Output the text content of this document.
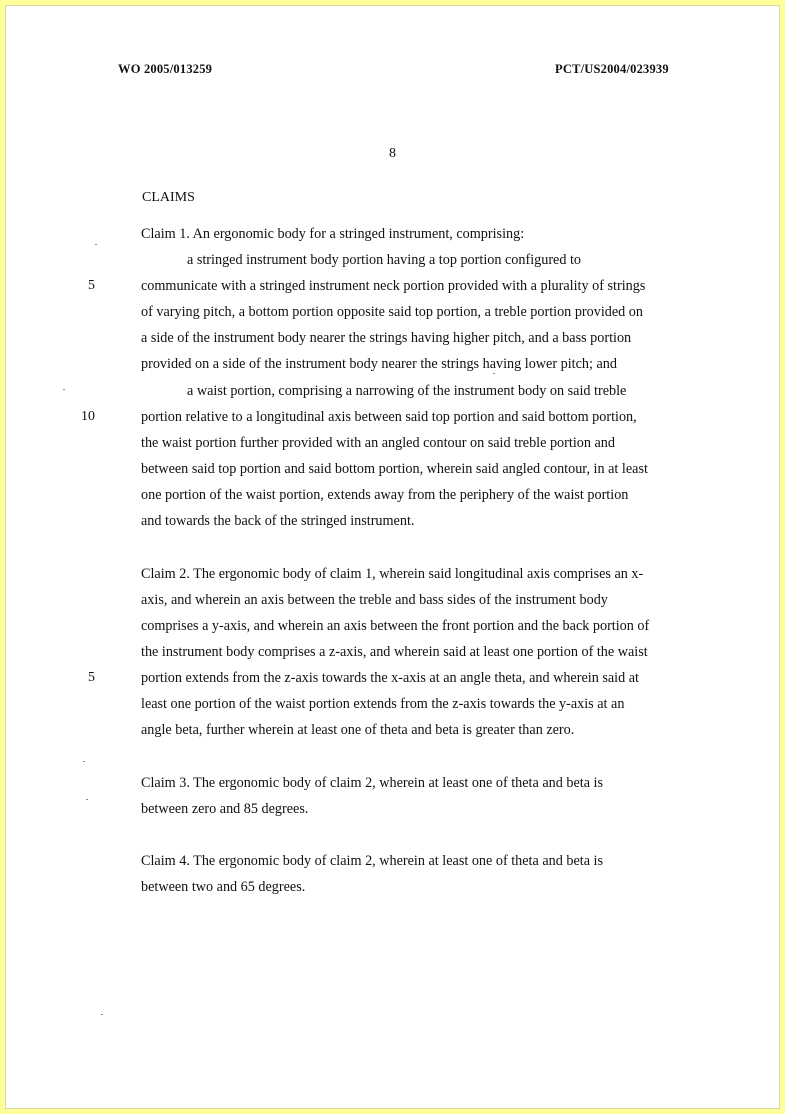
WO 2005/013259	PCT/US2004/023939
8
CLAIMS
5
10
5
Claim 1. An ergonomic body for a stringed instrument, comprising:
a stringed instrument body portion having a top portion configured to
communicate with a stringed instrument neck portion provided with a plurality of strings
of varying pitch, a bottom portion opposite said top portion, a treble portion provided on
a side of the instrument body nearer the strings having higher pitch, and a bass portion
provided on a side of the instrument body nearer the strings having lower pitch; and
a waist portion, comprising a narrowing of the instrument body on said treble
portion relative to a longitudinal axis between said top portion and said bottom portion,
the waist portion further provided with an angled contour on said treble portion and
between said top portion and said bottom portion, wherein said angled contour, in at least
one portion of the waist portion, extends away from the periphery of the waist portion
and towards the back of the stringed instrument.
Claim 2. The ergonomic body of claim 1, wherein said longitudinal axis comprises an x-
axis, and wherein an axis between the treble and bass sides of the instrument body
comprises a y-axis, and wherein an axis between the front portion and the back portion of
the instrument body comprises a z-axis, and wherein said at least one portion of the waist
portion extends from the z-axis towards the x-axis at an angle theta, and wherein said at
least one portion of the waist portion extends from the z-axis towards the y-axis at an
angle beta, further wherein at least one of theta and beta is greater than zero.
Claim 3. The ergonomic body of claim 2, wherein at least one of theta and beta is
between zero and 85 degrees.
Claim 4. The ergonomic body of claim 2, wherein at least one of theta and beta is
between two and 65 degrees.
